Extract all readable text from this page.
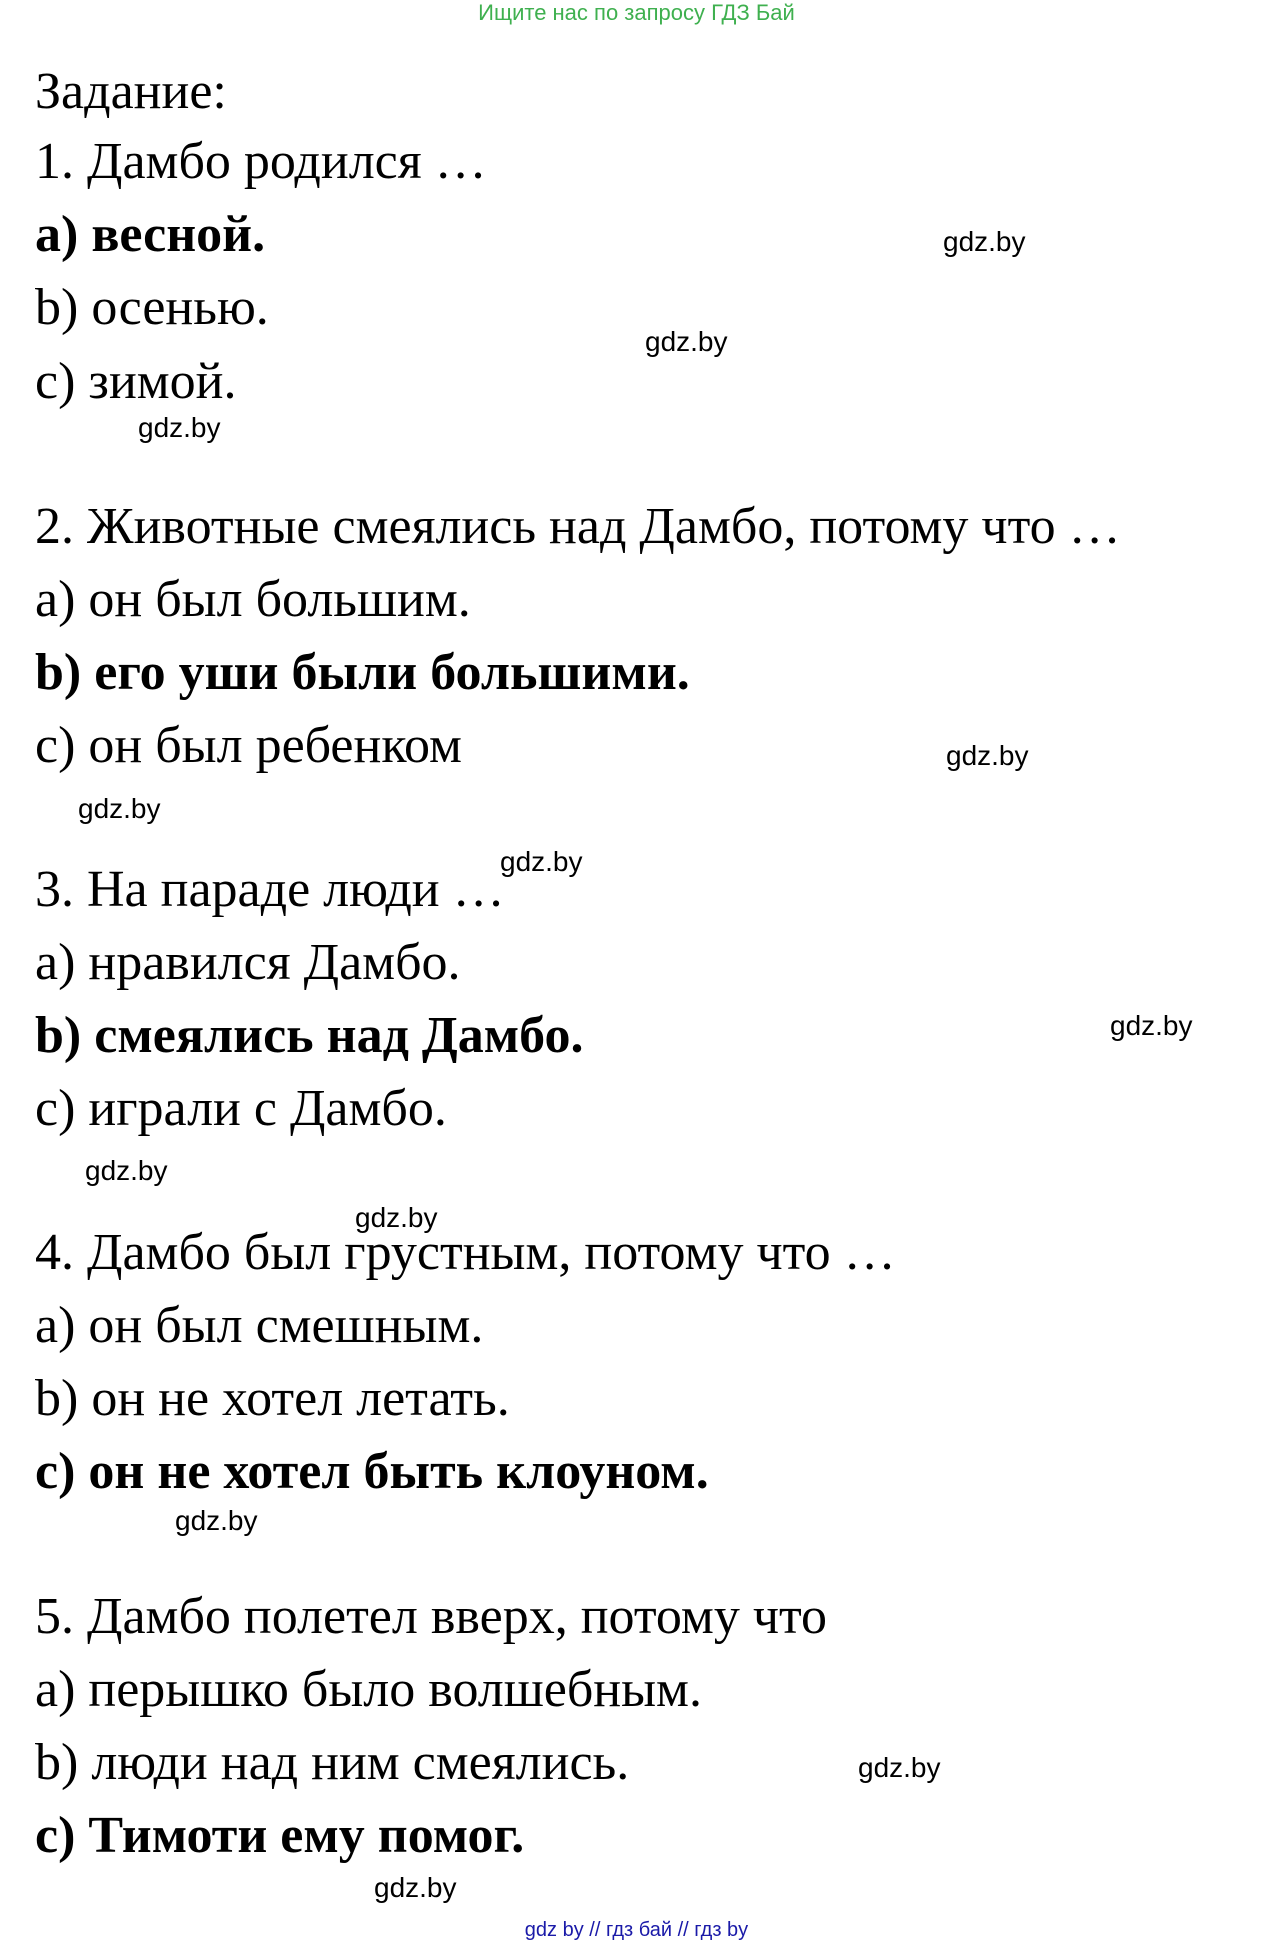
Ищите нас по запросу ГДЗ Бай
Задание:
1. Дамбо родился …
a) весной.
b) осенью.
c) зимой.
2. Животные смеялись над Дамбо, потому что …
a) он был большим.
b) его уши были большими.
c) он был ребенком
3. На параде люди …
a) нравился Дамбо.
b) смеялись над Дамбо.
c) играли с Дамбо.
4. Дамбо был грустным, потому что …
a) он был смешным.
b) он не хотел летать.
c) он не хотел быть клоуном.
5. Дамбо полетел вверх, потому что
a) перышко было волшебным.
b) люди над ним смеялись.
c) Тимоти ему помог.
gdz.by
gdz.by
gdz.by
gdz.by
gdz.by
gdz.by
gdz.by
gdz.by
gdz.by
gdz.by
gdz.by
gdz.by
gdz by // гдз бай // гдз by
